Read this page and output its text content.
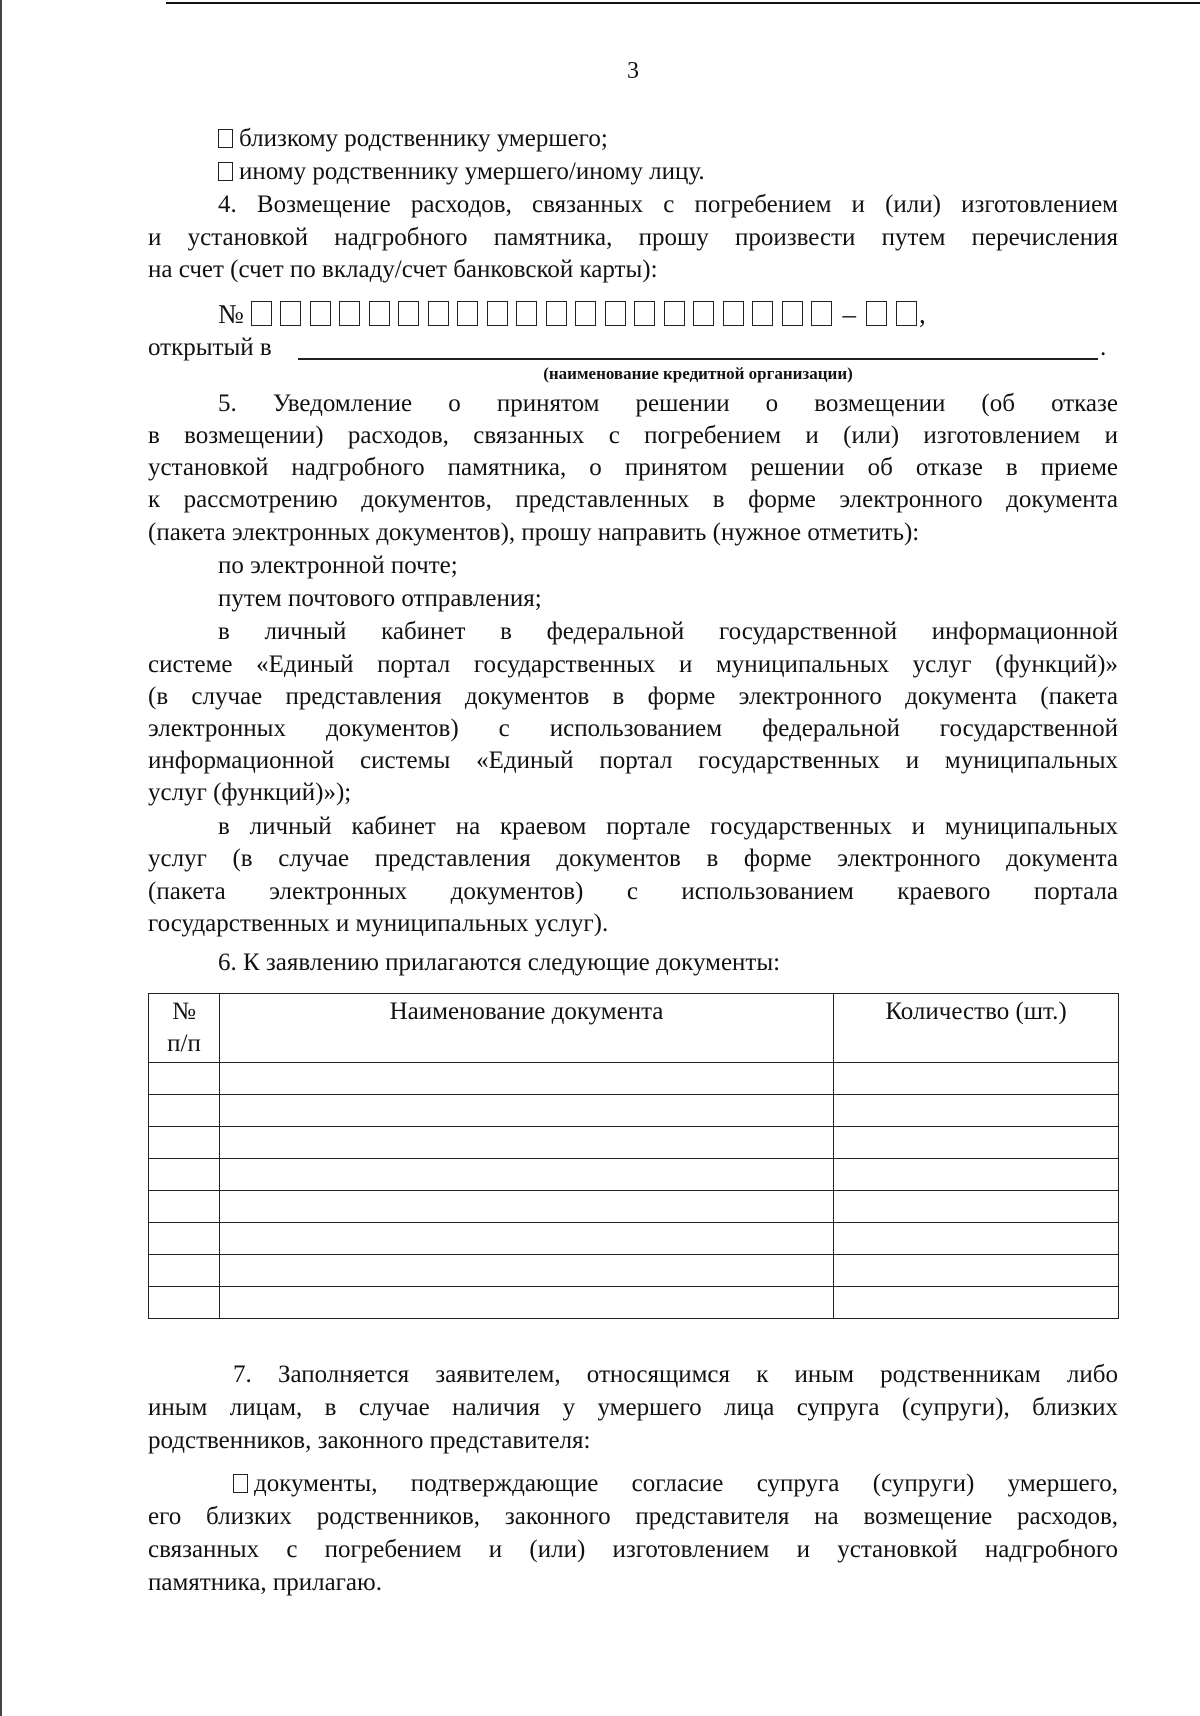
3
близкому родственнику умершего;
иному родственнику умершего/иному лицу.
4. Возмещение расходов, связанных с погребением и (или) изготовлением
и установкой надгробного памятника, прошу произвести путем перечисления
на счет (счет по вкладу/счет банковской карты):
№	– ,
открытый в	.
(наименование кредитной организации)
5. Уведомление о принятом решении о возмещении (об отказе
в возмещении) расходов, связанных с погребением и (или) изготовлением и
установкой надгробного памятника, о принятом решении об отказе в приеме
к рассмотрению документов, представленных в форме электронного документа
(пакета электронных документов), прошу направить (нужное отметить):
по электронной почте;
путем почтового отправления;
в личный кабинет в федеральной государственной информационной
системе «Единый портал государственных и муниципальных услуг (функций)»
(в случае представления документов в форме электронного документа (пакета
электронных документов) с использованием федеральной государственной
информационной системы «Единый портал государственных и муниципальных
услуг (функций)»);
в личный кабинет на краевом портале государственных и муниципальных
услуг (в случае представления документов в форме электронного документа
(пакета электронных документов) с использованием краевого портала
государственных и муниципальных услуг).
6. К заявлению прилагаются следующие документы:
№
п/п	Наименование документа	Количество (шт.)

7. Заполняется заявителем, относящимся к иным родственникам либо
иным лицам, в случае наличия у умершего лица супруга (супруги), близких
родственников, законного представителя:
документы, подтверждающие согласие супруга (супруги) умершего,
его близких родственников, законного представителя на возмещение расходов,
связанных с погребением и (или) изготовлением и установкой надгробного
памятника, прилагаю.
